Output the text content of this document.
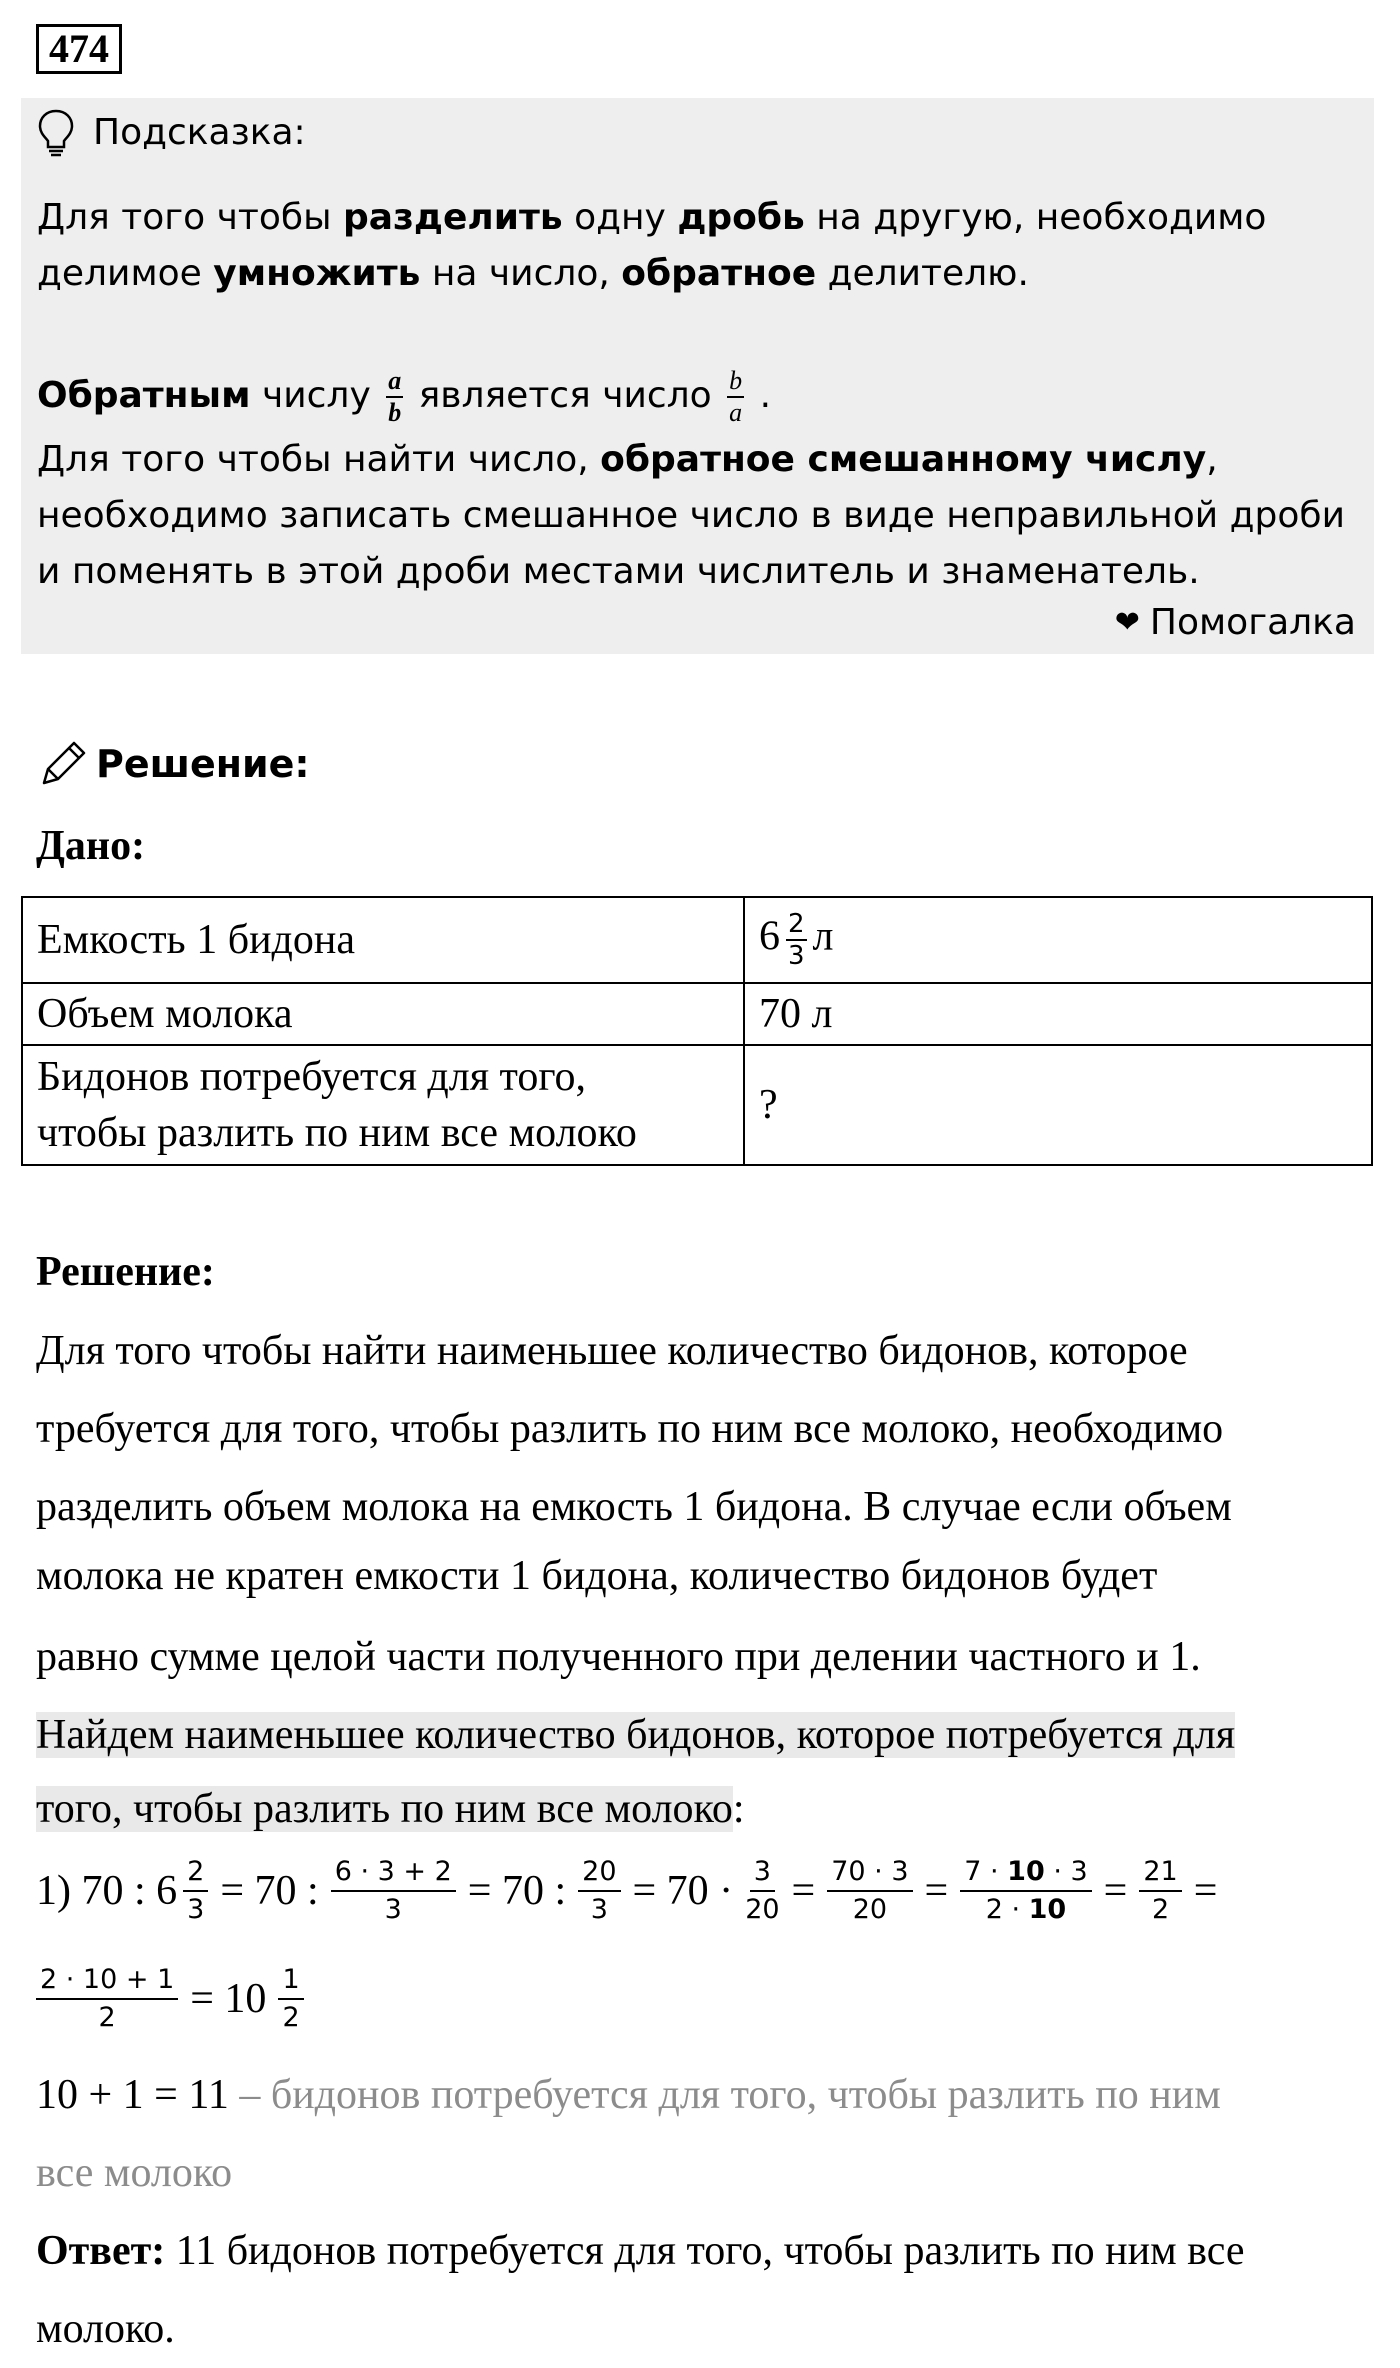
474
Подсказка:
Для того чтобы разделить одну дробь на другую, необходимо
делимое умножить на число, обратное делителю.
Обратным числу $\frac{a}{b}$ является число $\frac{b}{a}$ .
Для того чтобы найти число, обратное смешанному числу,
необходимо записать смешанное число в виде неправильной дроби
и поменять в этой дроби местами числитель и знаменатель.
❤ Помогалка
Решение:
Дано:
Емкость 1 бидона	$6 \frac{2}{3}$ л
Объем молока	70 л

Бидонов потребуется для того,
чтобы разлить по ним все молоко	?
Решение:
Для того чтобы найти наименьшее количество бидонов, которое
требуется для того, чтобы разлить по ним все молоко, необходимо
разделить объем молока на емкость 1 бидона. В случае если объем
молока не кратен емкости 1 бидона, количество бидонов будет
равно сумме целой части полученного при делении частного и 1.
Найдем наименьшее количество бидонов, которое потребуется для
того, чтобы разлить по ним все молоко:
1) 70 : $6 \frac{2}{3} = 70$ : $\frac{6 \cdot 3 + 2}{3} = 70$ : $\frac{20}{3} = 70 \cdot \frac{3}{20} = \frac{70 \cdot 3}{20} = \frac{7 \cdot 10 \cdot 3}{2 \cdot 10} = \frac{21}{2}$ =
$\frac{2 \cdot 10 + 1}{2} = 10 \frac{1}{2}$
10 + 1 = 11 – бидонов потребуется для того, чтобы разлить по ним
все молоко
Ответ: 11 бидонов потребуется для того, чтобы разлить по ним все
молоко.
